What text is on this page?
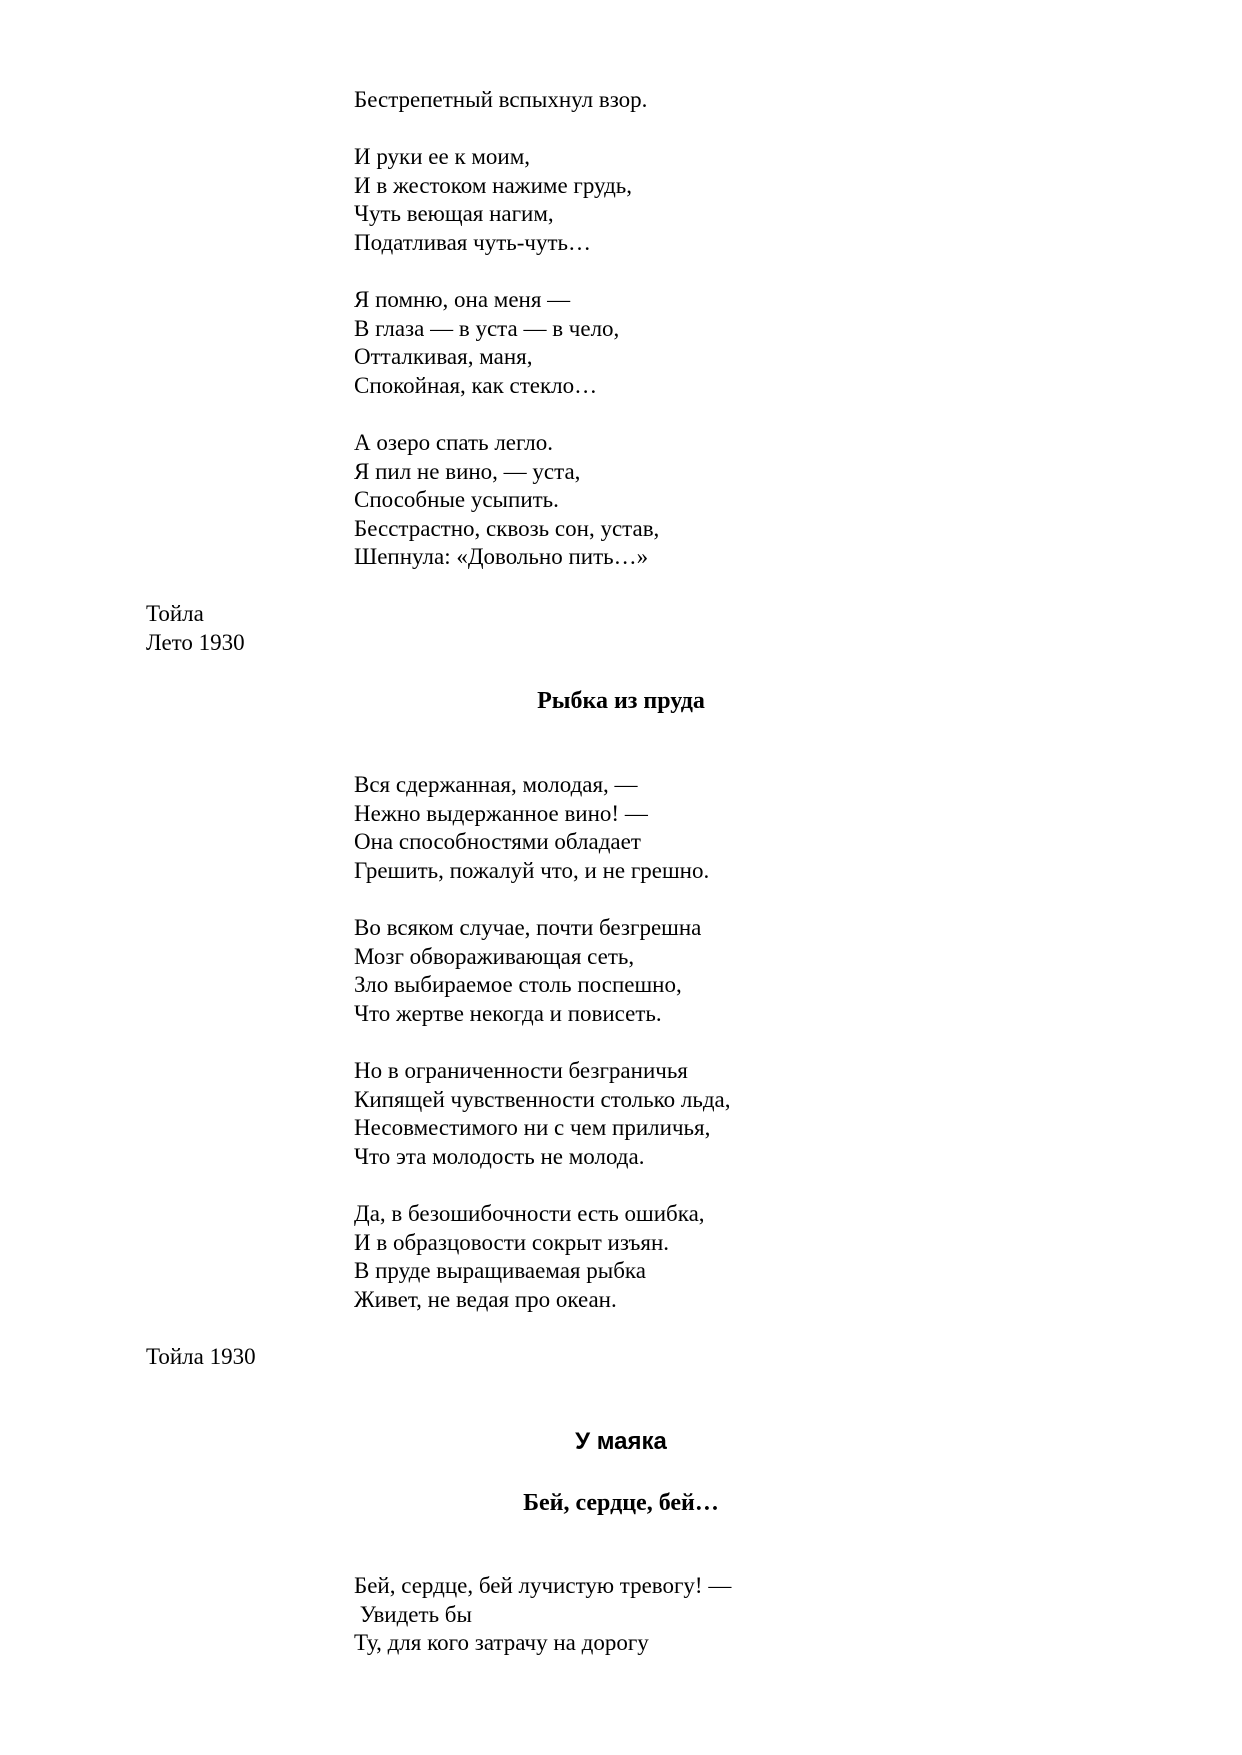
Бестрепетный вспыхнул взор.
И руки ее к моим,
И в жестоком нажиме грудь,
Чуть веющая нагим,
Податливая чуть-чуть…
Я помню, она меня —
В глаза — в уста — в чело,
Отталкивая, маня,
Спокойная, как стекло…
А озеро спать легло.
Я пил не вино, — уста,
Способные усыпить.
Бесстрастно, сквозь сон, устав,
Шепнула: «Довольно пить…»
Тойла
Лето 1930
Рыбка из пруда
Вся сдержанная, молодая, —
Нежно выдержанное вино! —
Она способностями обладает
Грешить, пожалуй что, и не грешно.
Во всяком случае, почти безгрешна
Мозг обвораживающая сеть,
Зло выбираемое столь поспешно,
Что жертве некогда и повисеть.
Но в ограниченности безграничья
Кипящей чувственности столько льда,
Несовместимого ни с чем приличья,
Что эта молодость не молода.
Да, в безошибочности есть ошибка,
И в образцовости сокрыт изъян.
В пруде выращиваемая рыбка
Живет, не ведая про океан.
Тойла 1930
У маяка
Бей, сердце, бей…
Бей, сердце, бей лучистую тревогу! —
Увидеть бы
Ту, для кого затрачу на дорогу
